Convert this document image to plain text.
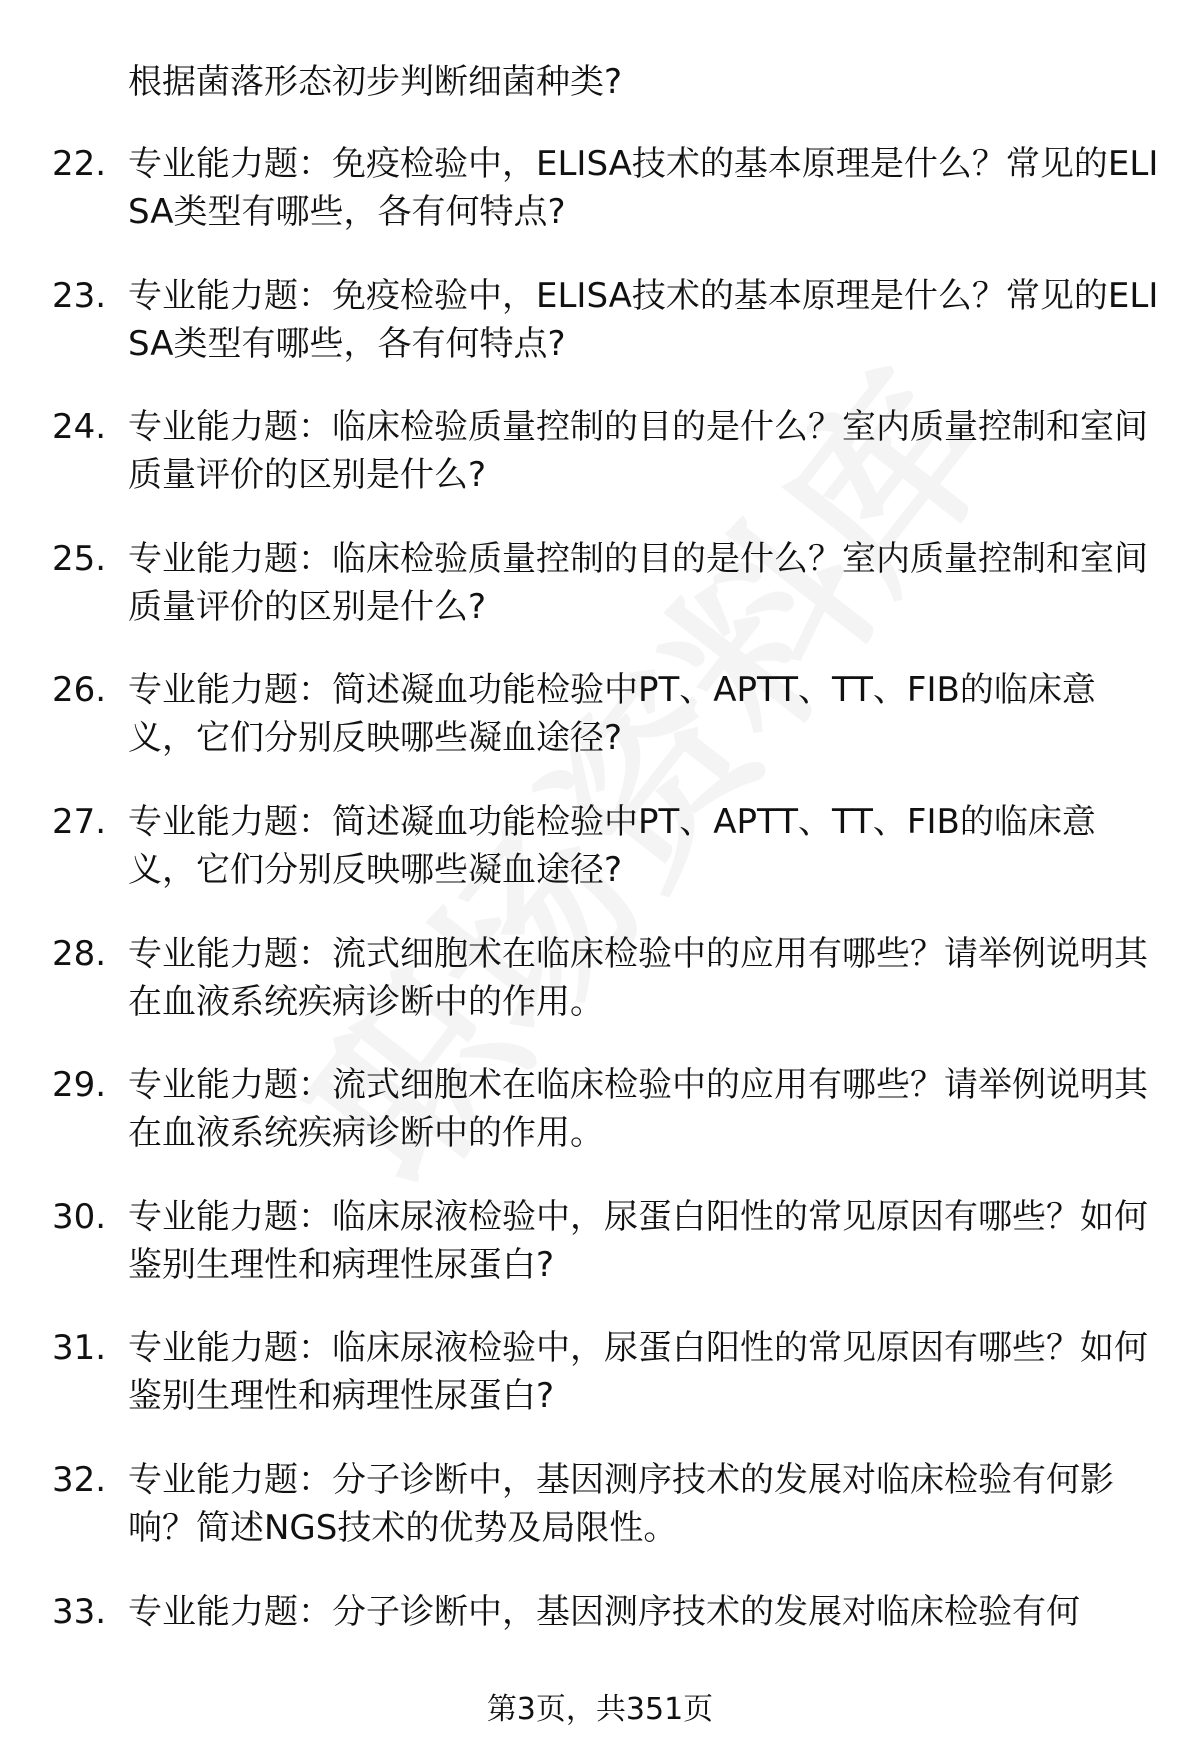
根据菌落形态初步判断细菌种类?
22. 专业能力题：免疫检验中，ELISA技术的基本原理是什么？常见的ELISA类型有哪些，各有何特点?
23. 专业能力题：免疫检验中，ELISA技术的基本原理是什么？常见的ELISA类型有哪些，各有何特点?
24. 专业能力题：临床检验质量控制的目的是什么？室内质量控制和室间质量评价的区别是什么?
25. 专业能力题：临床检验质量控制的目的是什么？室内质量控制和室间质量评价的区别是什么?
26. 专业能力题：简述凝血功能检验中PT、APTT、TT、FIB的临床意义，它们分别反映哪些凝血途径?
27. 专业能力题：简述凝血功能检验中PT、APTT、TT、FIB的临床意义，它们分别反映哪些凝血途径?
28. 专业能力题：流式细胞术在临床检验中的应用有哪些？请举例说明其在血液系统疾病诊断中的作用。
29. 专业能力题：流式细胞术在临床检验中的应用有哪些？请举例说明其在血液系统疾病诊断中的作用。
30. 专业能力题：临床尿液检验中，尿蛋白阳性的常见原因有哪些？如何鉴别生理性和病理性尿蛋白?
31. 专业能力题：临床尿液检验中，尿蛋白阳性的常见原因有哪些？如何鉴别生理性和病理性尿蛋白?
32. 专业能力题：分子诊断中，基因测序技术的发展对临床检验有何影响？简述NGS技术的优势及局限性。
33. 专业能力题：分子诊断中，基因测序技术的发展对临床检验有何
第3页，共351页
